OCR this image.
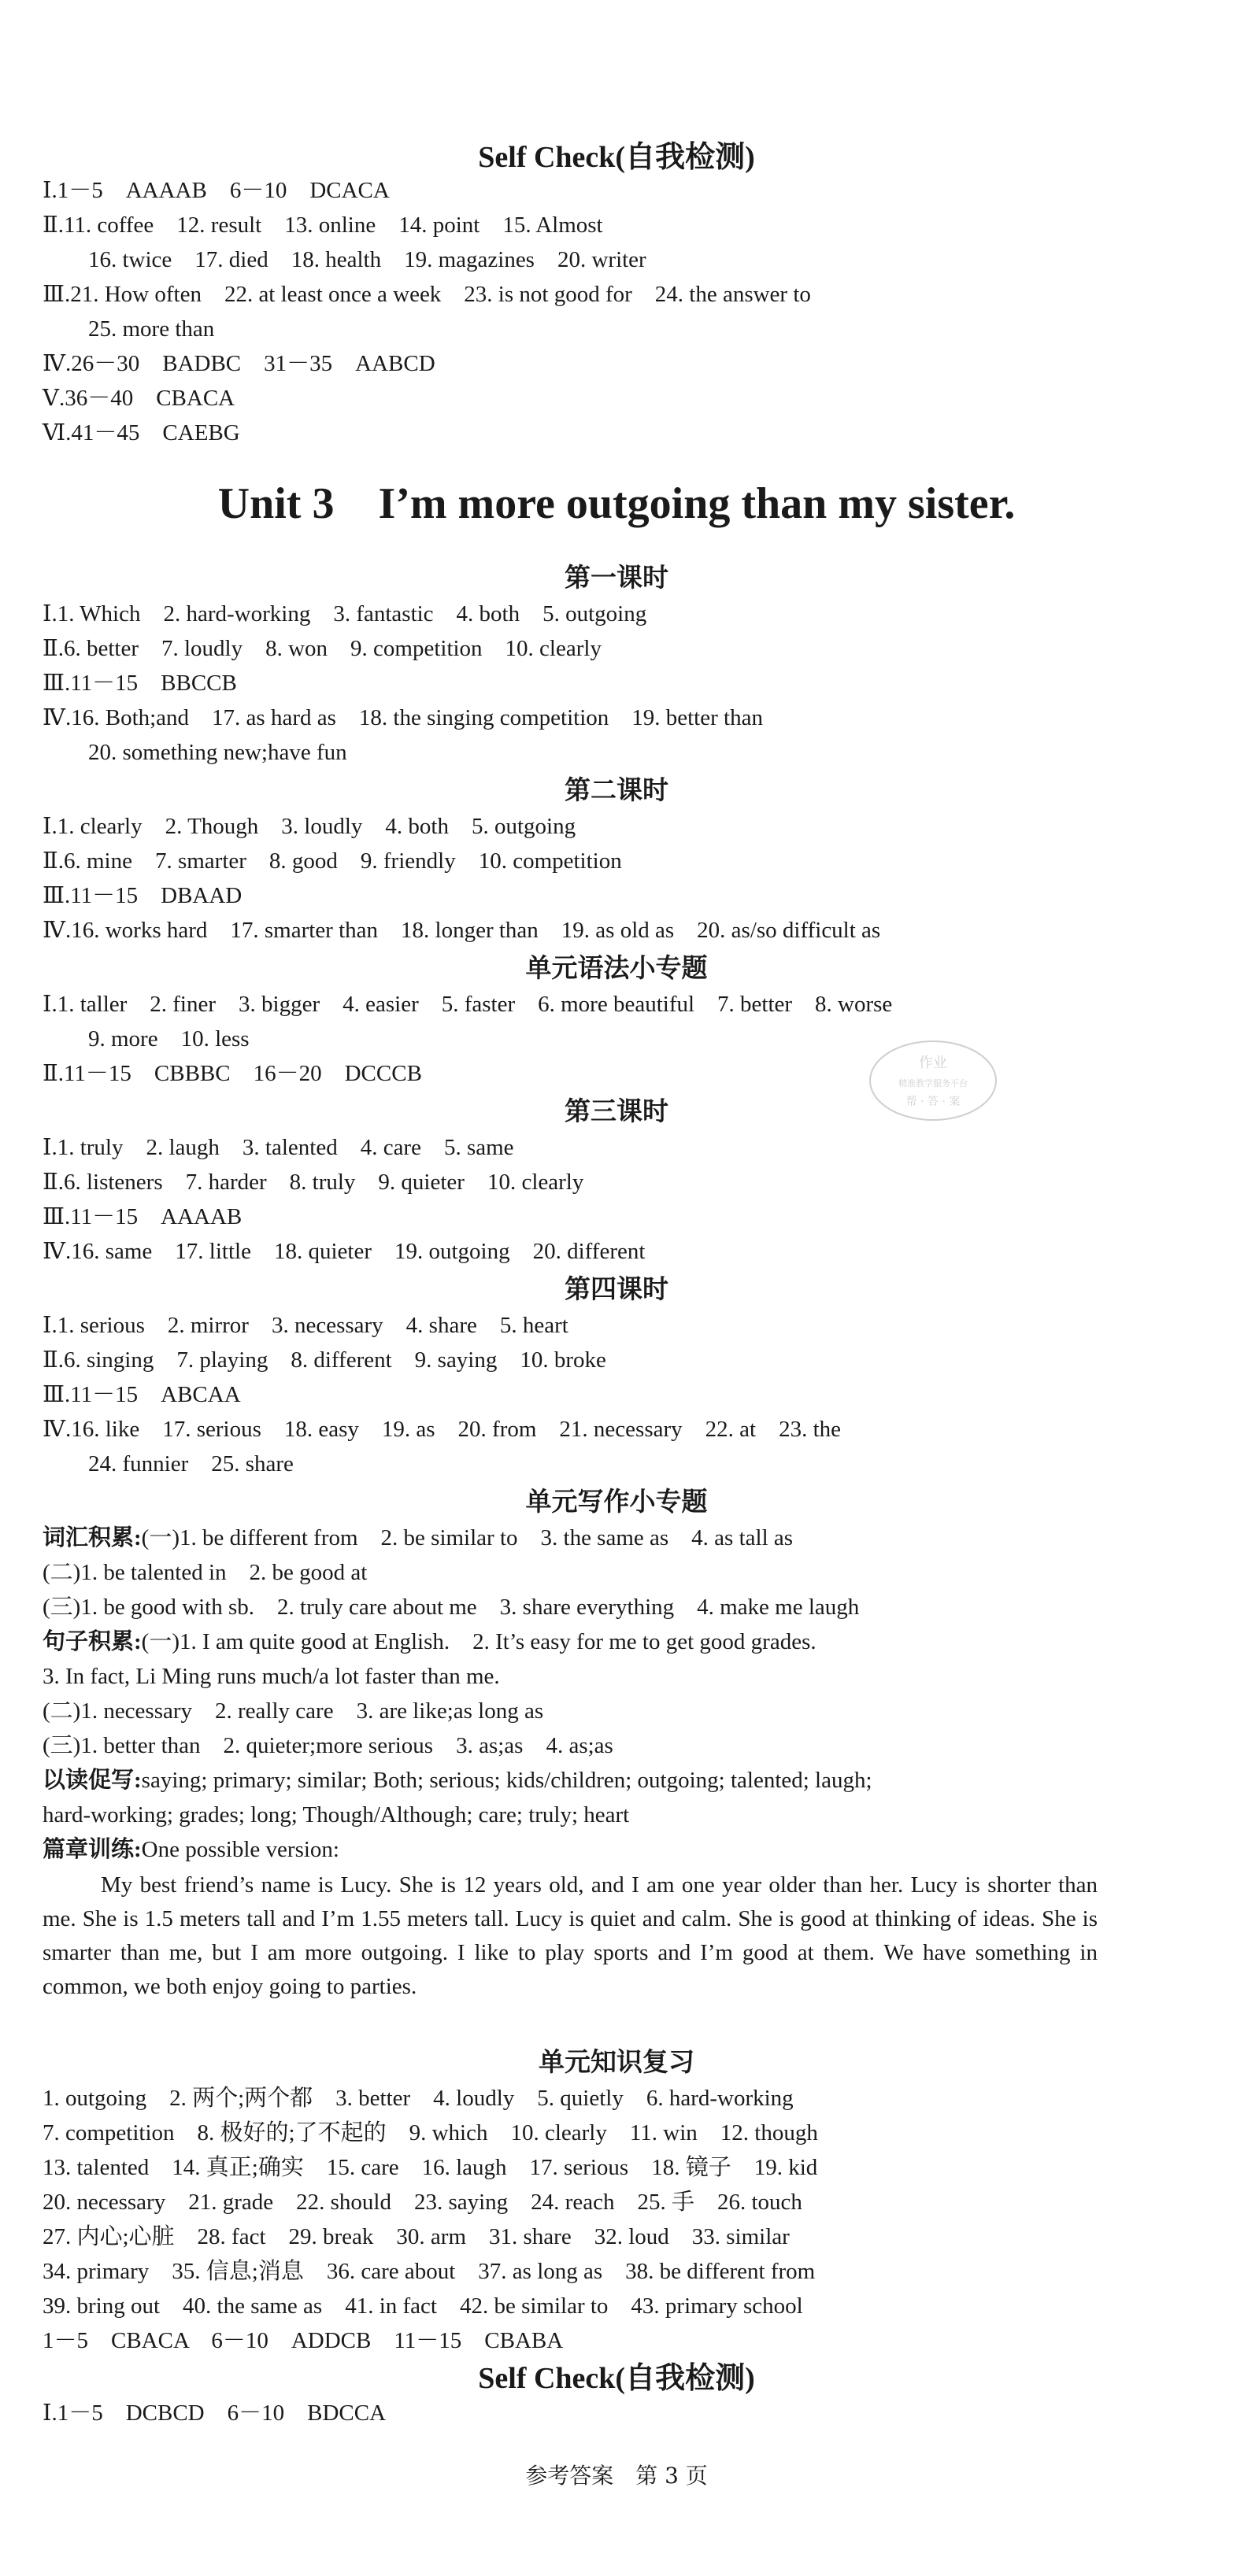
Self Check(自我检测)
Ⅰ.1－5　AAAAB　6－10　DCACA
Ⅱ.11. coffee　12. result　13. online　14. point　15. Almost
16. twice　17. died　18. health　19. magazines　20. writer
Ⅲ.21. How often　22. at least once a week　23. is not good for　24. the answer to
25. more than
Ⅳ.26－30　BADBC　31－35　AABCD
Ⅴ.36－40　CBACA
Ⅵ.41－45　CAEBG
Unit 3　I’m more outgoing than my sister.
第一课时
Ⅰ.1. Which　2. hard-working　3. fantastic　4. both　5. outgoing
Ⅱ.6. better　7. loudly　8. won　9. competition　10. clearly
Ⅲ.11－15　BBCCB
Ⅳ.16. Both;and　17. as hard as　18. the singing competition　19. better than
20. something new;have fun
第二课时
Ⅰ.1. clearly　2. Though　3. loudly　4. both　5. outgoing
Ⅱ.6. mine　7. smarter　8. good　9. friendly　10. competition
Ⅲ.11－15　DBAAD
Ⅳ.16. works hard　17. smarter than　18. longer than　19. as old as　20. as/so difficult as
单元语法小专题
Ⅰ.1. taller　2. finer　3. bigger　4. easier　5. faster　6. more beautiful　7. better　8. worse
9. more　10. less
Ⅱ.11－15　CBBBC　16－20　DCCCB	作业
精准教学服务平台
帮 · 答 · 案
第三课时
Ⅰ.1. truly　2. laugh　3. talented　4. care　5. same
Ⅱ.6. listeners　7. harder　8. truly　9. quieter　10. clearly
Ⅲ.11－15　AAAAB
Ⅳ.16. same　17. little　18. quieter　19. outgoing　20. different
第四课时
Ⅰ.1. serious　2. mirror　3. necessary　4. share　5. heart
Ⅱ.6. singing　7. playing　8. different　9. saying　10. broke
Ⅲ.11－15　ABCAA
Ⅳ.16. like　17. serious　18. easy　19. as　20. from　21. necessary　22. at　23. the
24. funnier　25. share
单元写作小专题
词汇积累:(一)1. be different from　2. be similar to　3. the same as　4. as tall as
(二)1. be talented in　2. be good at
(三)1. be good with sb.　2. truly care about me　3. share everything　4. make me laugh
句子积累:(一)1. I am quite good at English.　2. It’s easy for me to get good grades.
3. In fact, Li Ming runs much/a lot faster than me.
(二)1. necessary　2. really care　3. are like;as long as
(三)1. better than　2. quieter;more serious　3. as;as　4. as;as
以读促写:saying; primary; similar; Both; serious; kids/children; outgoing; talented; laugh;
hard-working; grades; long; Though/Although; care; truly; heart
篇章训练:One possible version:
My best friend’s name is Lucy. She is 12 years old, and I am one year older than her. Lucy is shorter than me. She is 1.5 meters tall and I’m 1.55 meters tall. Lucy is quiet and calm. She is good at thinking of ideas. She is smarter than me, but I am more outgoing. I like to play sports and I’m good at them. We have something in common, we both enjoy going to parties.
单元知识复习
1. outgoing　2. 两个;两个都　3. better　4. loudly　5. quietly　6. hard-working
7. competition　8. 极好的;了不起的　9. which　10. clearly　11. win　12. though
13. talented　14. 真正;确实　15. care　16. laugh　17. serious　18. 镜子　19. kid
20. necessary　21. grade　22. should　23. saying　24. reach　25. 手　26. touch
27. 内心;心脏　28. fact　29. break　30. arm　31. share　32. loud　33. similar
34. primary　35. 信息;消息　36. care about　37. as long as　38. be different from
39. bring out　40. the same as　41. in fact　42. be similar to　43. primary school
1－5　CBACA　6－10　ADDCB　11－15　CBABA
Self Check(自我检测)
Ⅰ.1－5　DCBCD　6－10　BDCCA
参考答案　第 3 页
